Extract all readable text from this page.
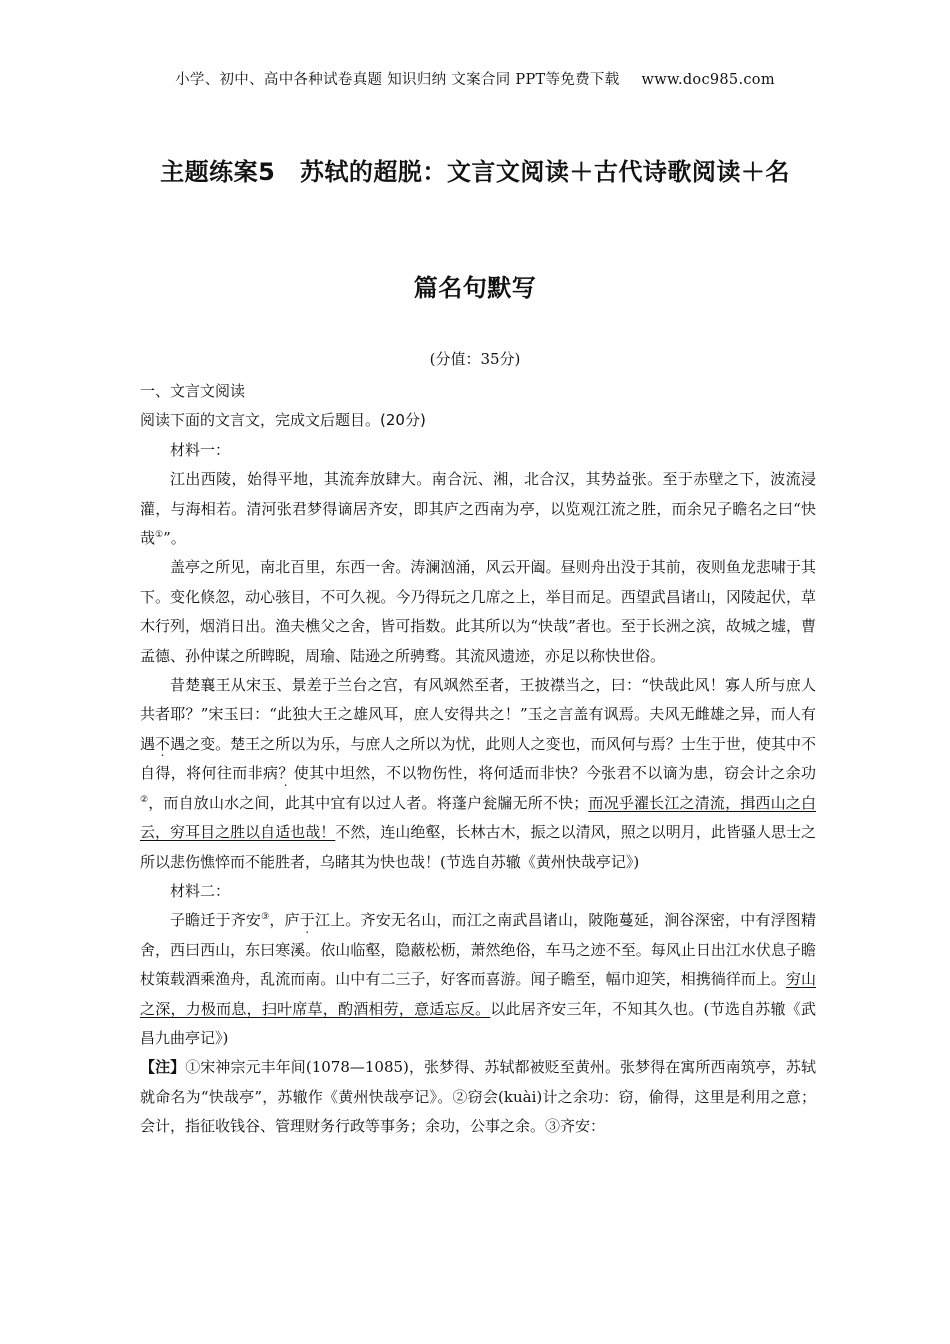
小学、初中、高中各种试卷真题 知识归纳 文案合同 PPT等免费下载 www.doc985.com
主题练案5　苏轼的超脱：文言文阅读＋古代诗歌阅读＋名
篇名句默写
(分值：35分)

一、文言文阅读

阅读下面的文言文，完成文后题目。(20分)

材料一：

江出西陵，始得平地，其流奔放肆大。南合沅、湘，北合汉，其势益张。至于赤壁之下，波流浸灌，与海相若。清河张君梦得谪居齐安，即其庐之西南为亭，以览观江流之胜，而余兄子瞻名之曰“快哉①”。

盖亭之所见，南北百里，东西一舍。涛澜汹涌，风云开阖。昼则舟出没于其前，夜则鱼龙悲啸于其下。变化倏忽，动心骇目，不可久视。今乃得玩之几席之上，举目而足。西望武昌诸山，冈陵起伏，草木行列，烟消日出。渔夫樵父之舍，皆可指数。此其所以为“快哉”者也。至于长洲之滨，故城之墟，曹孟德、孙仲谋之所睥睨，周瑜、陆逊之所骋骛。其流风遗迹，亦足以称快世俗。

昔楚襄王从宋玉、景差于兰台之宫，有风飒然至者，王披襟当之，曰：“快哉此风！寡人所与庶人共者耶？”宋玉曰：“此独大王之雄风耳，庶人安得共之！”玉之言盖有讽焉。夫风无雌雄之异，而人有遇不遇之变。楚王之所以为乐，与庶人之所以为忧，此则人之变也，而风何与焉？士生于世，使其中不自得，将何往而非病？使其中坦然，不以物伤性，将何适而非快？今张君不以谪为患，窃会计之余功②，而自放山水之间，此其中宜有以过人者。将蓬户瓮牖无所不快；而况乎濯长江之清流，揖西山之白云，穷耳目之胜以自适也哉！不然，连山绝壑，长林古木，振之以清风，照之以明月，此皆骚人思士之所以悲伤憔悴而不能胜者，乌睹其为快也哉！(节选自苏辙《黄州快哉亭记》)

材料二：

子瞻迁于齐安③，庐于江上。齐安无名山，而江之南武昌诸山，陂陁蔓延，涧谷深密，中有浮图精舍，西曰西山，东曰寒溪。依山临壑，隐蔽松枥，萧然绝俗，车马之迹不至。每风止日出江水伏息子瞻杖策载酒乘渔舟，乱流而南。山中有二三子，好客而喜游。闻子瞻至，幅巾迎笑，相携徜徉而上。穷山之深，力极而息，扫叶席草，酌酒相劳，意适忘反。以此居齐安三年，不知其久也。(节选自苏辙《武昌九曲亭记》)

【注】①宋神宗元丰年间(1078—1085)，张梦得、苏轼都被贬至黄州。张梦得在寓所西南筑亭，苏轼就命名为“快哉亭”，苏辙作《黄州快哉亭记》。②窃会(kuài)计之余功：窃，偷得，这里是利用之意；会计，指征收钱谷、管理财务行政等事务；余功，公事之余。③齐安：
